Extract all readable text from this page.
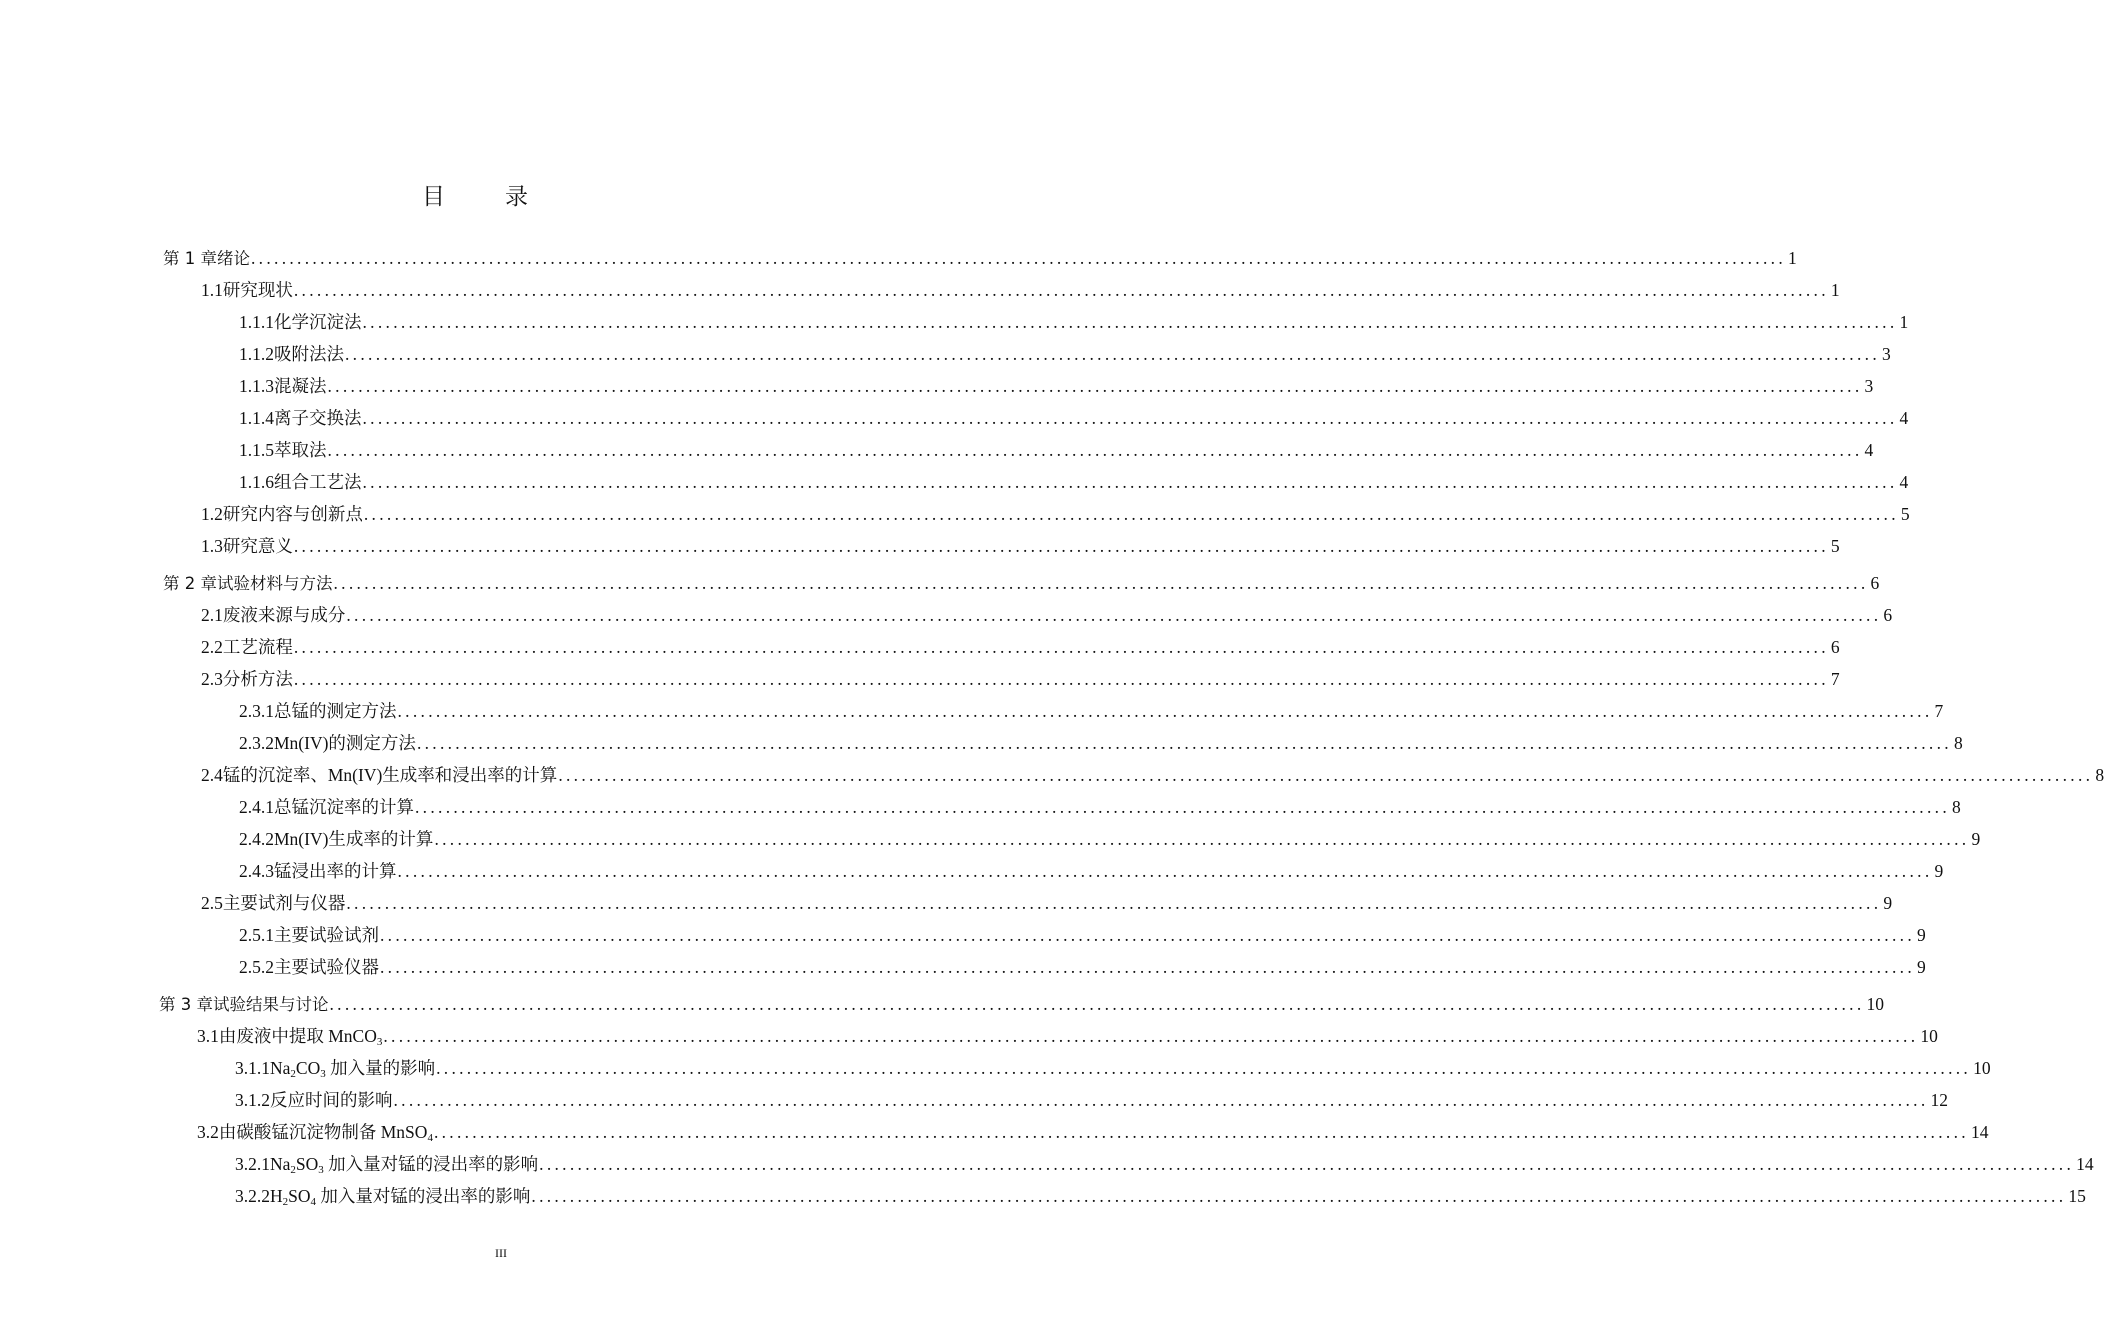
目	录
第 1 章 绪论 ........................................................................................................................................................................................................ 1
1.1 研究现状 ........................................................................................................................................................................................................ 1
1.1.1 化学沉淀法 ........................................................................................................................................................................................................ 1
1.1.2 吸附法法 ........................................................................................................................................................................................................ 3
1.1.3 混凝法 ........................................................................................................................................................................................................ 3
1.1.4 离子交换法 ........................................................................................................................................................................................................ 4
1.1.5 萃取法 ........................................................................................................................................................................................................ 4
1.1.6 组合工艺法 ........................................................................................................................................................................................................ 4
1.2 研究内容与创新点 ........................................................................................................................................................................................................ 5
1.3 研究意义 ........................................................................................................................................................................................................ 5
第 2 章 试验材料与方法 ........................................................................................................................................................................................................ 6
2.1 废液来源与成分 ........................................................................................................................................................................................................ 6
2.2 工艺流程 ........................................................................................................................................................................................................ 6
2.3 分析方法 ........................................................................................................................................................................................................ 7
2.3.1 总锰的测定方法 ........................................................................................................................................................................................................ 7
2.3.2 Mn(IV)的测定方法 ........................................................................................................................................................................................................ 8
2.4 锰的沉淀率、Mn(IV)生成率和浸出率的计算 ........................................................................................................................................................................................................ 8
2.4.1 总锰沉淀率的计算 ........................................................................................................................................................................................................ 8
2.4.2 Mn(IV)生成率的计算 ........................................................................................................................................................................................................ 9
2.4.3 锰浸出率的计算 ........................................................................................................................................................................................................ 9
2.5 主要试剂与仪器 ........................................................................................................................................................................................................ 9
2.5.1 主要试验试剂 ........................................................................................................................................................................................................ 9
2.5.2 主要试验仪器 ........................................................................................................................................................................................................ 9
第 3 章 试验结果与讨论 ........................................................................................................................................................................................................ 10
3.1 由废液中提取 MnCO$_3$ ........................................................................................................................................................................................................ 10
3.1.1 $Na_2CO_3$ 加入量的影响 ........................................................................................................................................................................................................ 10
3.1.2 反应时间的影响 ........................................................................................................................................................................................................ 12
3.2 由碳酸锰沉淀物制备 MnSO$_4$ ........................................................................................................................................................................................................ 14
3.2.1 $Na_2SO_3$ 加入量对锰的浸出率的影响 ........................................................................................................................................................................................................ 14
3.2.2 $H_2SO_4$ 加入量对锰的浸出率的影响 ........................................................................................................................................................................................................ 15
III
